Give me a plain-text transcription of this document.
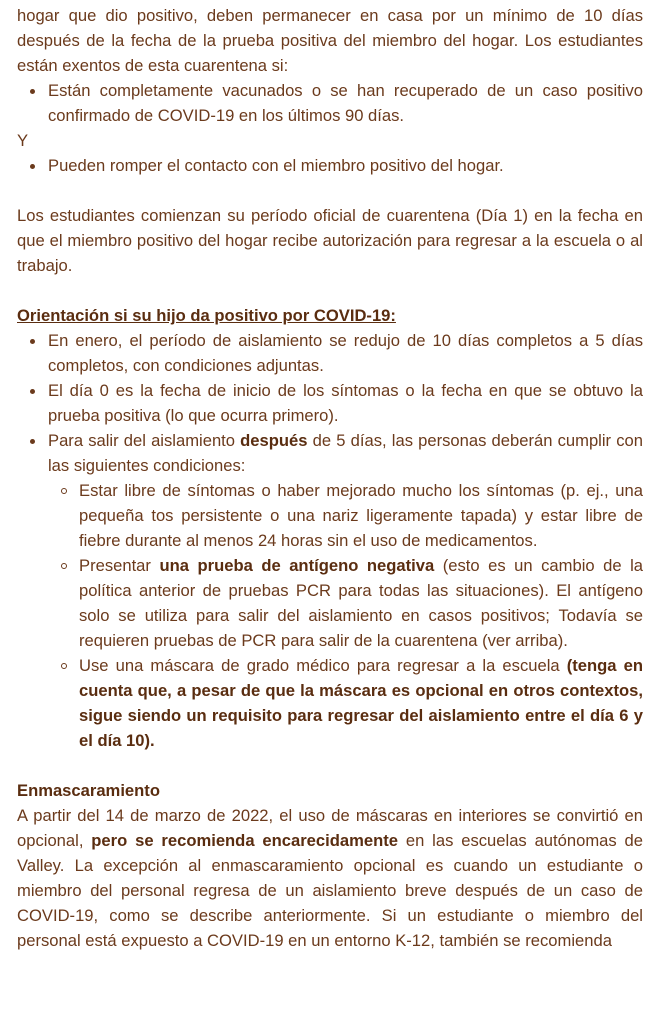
hogar que dio positivo, deben permanecer en casa por un mínimo de 10 días después de la fecha de la prueba positiva del miembro del hogar. Los estudiantes están exentos de esta cuarentena si:

Están completamente vacunados o se han recuperado de un caso positivo confirmado de COVID-19 en los últimos 90 días.

Y

Pueden romper el contacto con el miembro positivo del hogar.

Los estudiantes comienzan su período oficial de cuarentena (Día 1) en la fecha en que el miembro positivo del hogar recibe autorización para regresar a la escuela o al trabajo.

Orientación si su hijo da positivo por COVID-19:

En enero, el período de aislamiento se redujo de 10 días completos a 5 días completos, con condiciones adjuntas.
El día 0 es la fecha de inicio de los síntomas o la fecha en que se obtuvo la prueba positiva (lo que ocurra primero).
Para salir del aislamiento después de 5 días, las personas deberán cumplir con las siguientes condiciones:
Estar libre de síntomas o haber mejorado mucho los síntomas (p. ej., una pequeña tos persistente o una nariz ligeramente tapada) y estar libre de fiebre durante al menos 24 horas sin el uso de medicamentos.
Presentar una prueba de antígeno negativa (esto es un cambio de la política anterior de pruebas PCR para todas las situaciones). El antígeno solo se utiliza para salir del aislamiento en casos positivos; Todavía se requieren pruebas de PCR para salir de la cuarentena (ver arriba).
Use una máscara de grado médico para regresar a la escuela (tenga en cuenta que, a pesar de que la máscara es opcional en otros contextos, sigue siendo un requisito para regresar del aislamiento entre el día 6 y el día 10).

Enmascaramiento

A partir del 14 de marzo de 2022, el uso de máscaras en interiores se convirtió en opcional, pero se recomienda encarecidamente en las escuelas autónomas de Valley. La excepción al enmascaramiento opcional es cuando un estudiante o miembro del personal regresa de un aislamiento breve después de un caso de COVID-19, como se describe anteriormente. Si un estudiante o miembro del personal está expuesto a COVID-19 en un entorno K-12, también se recomienda
